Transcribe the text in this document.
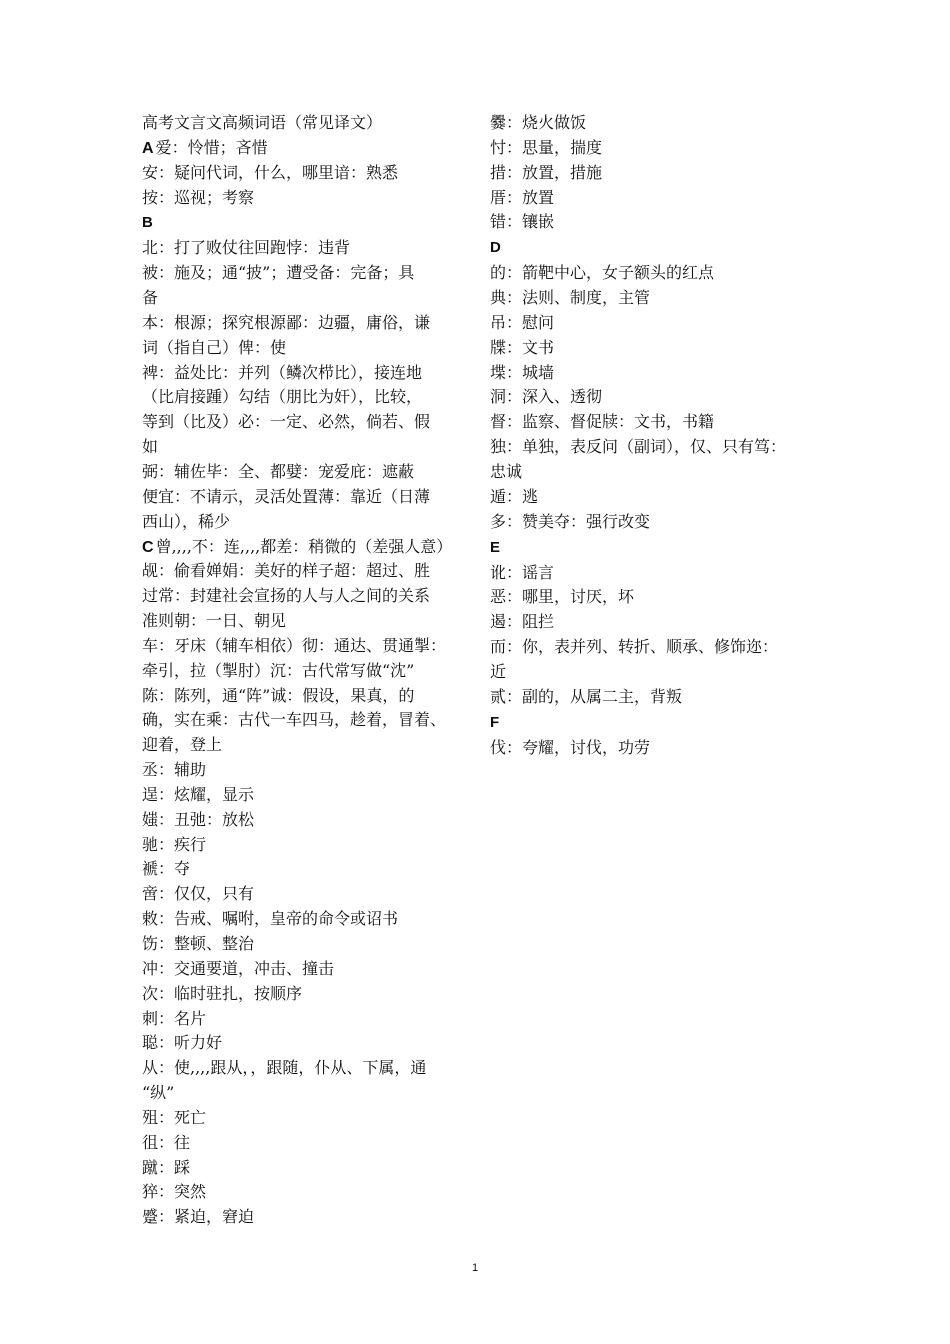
高考文言文高频词语（常见译文）
A 爱：怜惜；吝惜
安：疑问代词，什么，哪里谙：熟悉
按：巡视；考察
B
北：打了败仗往回跑悖：违背
被：施及；通“披”；遭受备：完备；具
备
本：根源；探究根源鄙：边疆，庸俗，谦
词（指自己）俾：使
裨：益处比：并列（鳞次栉比），接连地
（比肩接踵）勾结（朋比为奸），比较，
等到（比及）必：一定、必然，倘若、假
如
弼：辅佐毕：全、都嬖：宠爱庇：遮蔽
便宜：不请示，灵活处置薄：靠近（日薄
西山），稀少
C 曾,,,,不：连,,,,都差：稍微的（差强人意）
觇：偷看婵娟：美好的样子超：超过、胜
过常：封建社会宣扬的人与人之间的关系
准则朝：一日、朝见
车：牙床（辅车相依）彻：通达、贯通掣：
牵引，拉（掣肘）沉：古代常写做“沈”
陈：陈列，通“阵”诚：假设，果真，的
确，实在乘：古代一车四马，趁着，冒着、
迎着，登上
丞：辅助
逞：炫耀，显示
媸：丑弛：放松
驰：疾行
褫：夺
啻：仅仅，只有
敕：告戒、嘱咐，皇帝的命令或诏书
饬：整顿、整治
冲：交通要道，冲击、撞击
次：临时驻扎，按顺序
刺：名片
聪：听力好
从：使,,,,跟从，，跟随，仆从、下属，通
“纵”
殂：死亡
徂：往
蹴：踩
猝：突然
蹙：紧迫，窘迫
爨：烧火做饭
忖：思量，揣度
措：放置，措施
厝：放置
错：镶嵌
D
的：箭靶中心，女子额头的红点
典：法则、制度，主管
吊：慰问
牒：文书
堞：城墙
洞：深入、透彻
督：监察、督促牍：文书，书籍
独：单独，表反问（副词），仅、只有笃：
忠诚
遁：逃
多：赞美夺：强行改变
E
讹：谣言
恶：哪里，讨厌，坏
遏：阻拦
而：你，表并列、转折、顺承、修饰迩：
近
贰：副的，从属二主，背叛
F
伐：夸耀，讨伐，功劳
1
